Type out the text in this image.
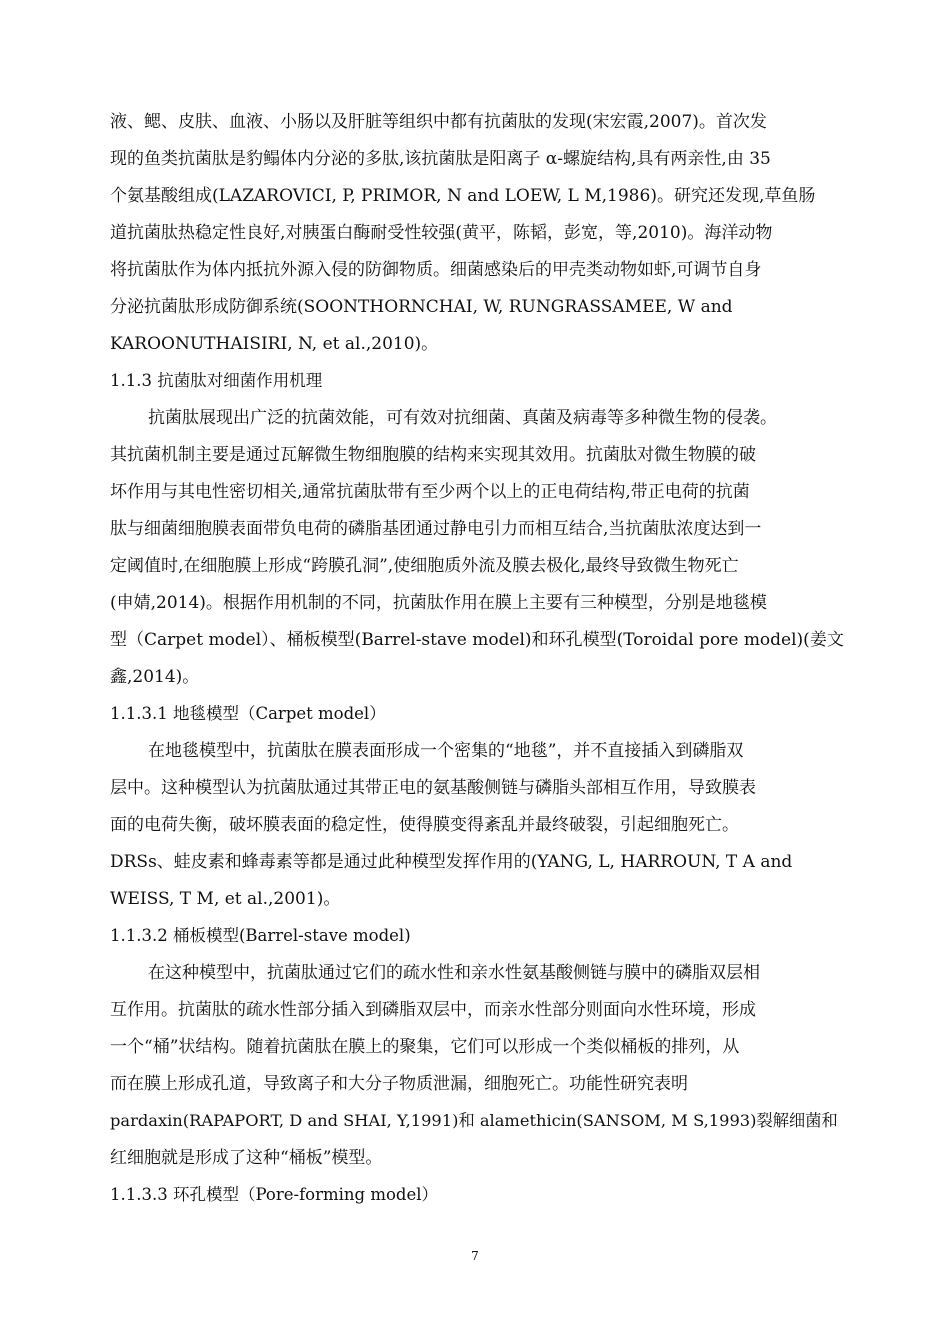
液、鳃、皮肤、血液、小肠以及肝脏等组织中都有抗菌肽的发现(宋宏霞,2007)。首次发
现的鱼类抗菌肽是豹鳎体内分泌的多肽,该抗菌肽是阳离子 α-螺旋结构,具有两亲性,由 35
个氨基酸组成(LAZAROVICI, P, PRIMOR, N and LOEW, L M,1986)。研究还发现,草鱼肠
道抗菌肽热稳定性良好,对胰蛋白酶耐受性较强(黄平，陈韬，彭宽，等,2010)。海洋动物
将抗菌肽作为体内抵抗外源入侵的防御物质。细菌感染后的甲壳类动物如虾,可调节自身
分泌抗菌肽形成防御系统(SOONTHORNCHAI, W, RUNGRASSAMEE, W and
KAROONUTHAISIRI, N, et al.,2010)。
1.1.3 抗菌肽对细菌作用机理
抗菌肽展现出广泛的抗菌效能，可有效对抗细菌、真菌及病毒等多种微生物的侵袭。
其抗菌机制主要是通过瓦解微生物细胞膜的结构来实现其效用。抗菌肽对微生物膜的破
坏作用与其电性密切相关,通常抗菌肽带有至少两个以上的正电荷结构,带正电荷的抗菌
肽与细菌细胞膜表面带负电荷的磷脂基团通过静电引力而相互结合,当抗菌肽浓度达到一
定阈值时,在细胞膜上形成“跨膜孔洞”,使细胞质外流及膜去极化,最终导致微生物死亡
(申婧,2014)。根据作用机制的不同，抗菌肽作用在膜上主要有三种模型，分别是地毯模
型（Carpet model）、桶板模型(Barrel-stave model)和环孔模型(Toroidal pore model)(姜文
鑫,2014)。
1.1.3.1 地毯模型（Carpet model）
在地毯模型中，抗菌肽在膜表面形成一个密集的“地毯”，并不直接插入到磷脂双
层中。这种模型认为抗菌肽通过其带正电的氨基酸侧链与磷脂头部相互作用，导致膜表
面的电荷失衡，破坏膜表面的稳定性，使得膜变得紊乱并最终破裂，引起细胞死亡。
DRSs、蛙皮素和蜂毒素等都是通过此种模型发挥作用的(YANG, L, HARROUN, T A and
WEISS, T M, et al.,2001)。
1.1.3.2 桶板模型(Barrel-stave model)
在这种模型中，抗菌肽通过它们的疏水性和亲水性氨基酸侧链与膜中的磷脂双层相
互作用。抗菌肽的疏水性部分插入到磷脂双层中，而亲水性部分则面向水性环境，形成
一个“桶”状结构。随着抗菌肽在膜上的聚集，它们可以形成一个类似桶板的排列，从
而在膜上形成孔道，导致离子和大分子物质泄漏，细胞死亡。功能性研究表明
pardaxin(RAPAPORT, D and SHAI, Y,1991)和 alamethicin(SANSOM, M S,1993)裂解细菌和
红细胞就是形成了这种“桶板”模型。
1.1.3.3 环孔模型（Pore-forming model）
7
